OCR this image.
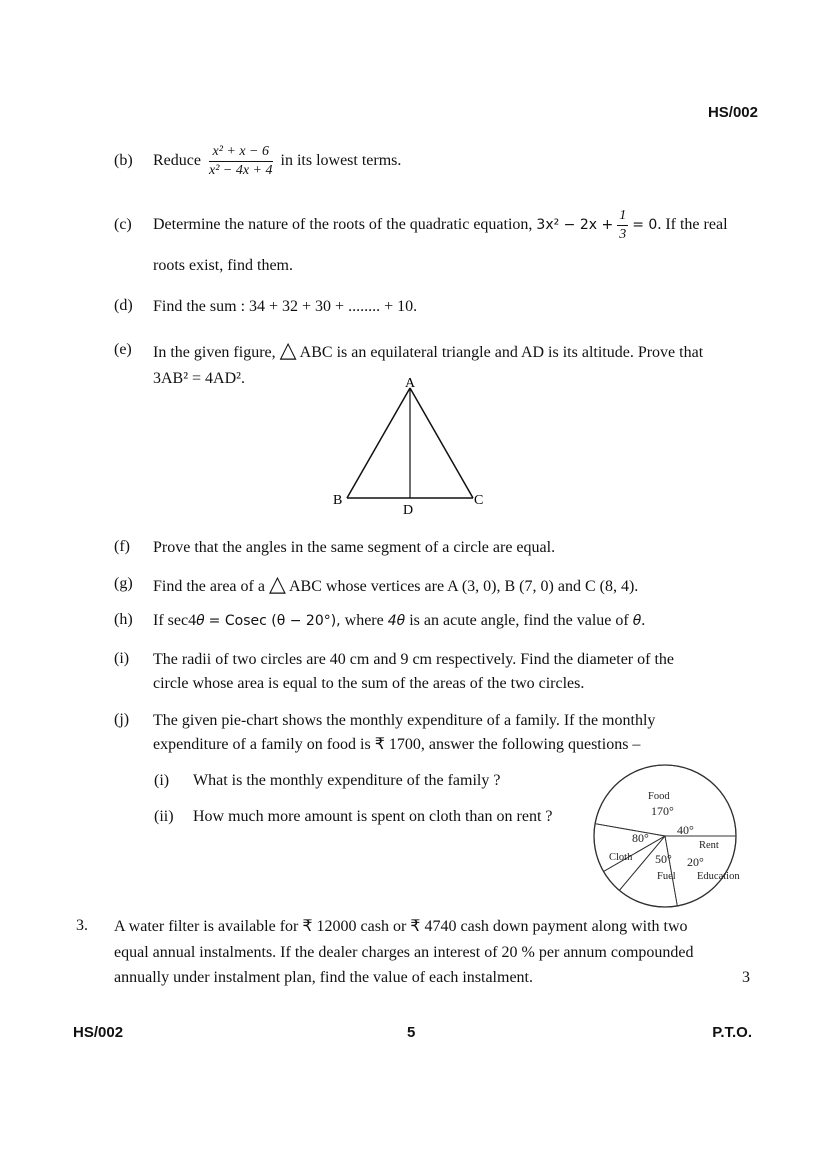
HS/002
(b) Reduce $\frac{\text{x² + x − 6}}{\text{x² − 4x + 4}}$ in its lowest terms.
(c) Determine the nature of the roots of the quadratic equation, $3x^2 - 2x + \frac{1}{3} = 0$. If the real
roots exist, find them.
(d) Find the sum : 34 + 32 + 30 + ........ + 10.
(e) In the given figure, △ ABC is an equilateral triangle and AD is its altitude. Prove that
3AB² = 4AD².	A
B	C
D
(f) Prove that the angles in the same segment of a circle are equal.
(g) Find the area of a △ ABC whose vertices are A (3, 0), B (7, 0) and C (8, 4).
(h) If sec4θ = Cosec (θ − 20°), where 4θ is an acute angle, find the value of θ.
(i) The radii of two circles are 40 cm and 9 cm respectively. Find the diameter of the
circle whose area is equal to the sum of the areas of the two circles.
(j) The given pie-chart shows the monthly expenditure of a family. If the monthly
expenditure of a family on food is ₹ 1700, answer the following questions –
(i) What is the monthly expenditure of the family ?
(ii) How much more amount is spent on cloth than on rent ?
Food
170°
Rent
40°
Education
20°
Fuel
50°
Cloth
80°
3. A water filter is available for ₹ 12000 cash or ₹ 4740 cash down payment along with two
equal annual instalments. If the dealer charges an interest of 20 % per annum compounded
annually under instalment plan, find the value of each instalment.	3
HS/002	5	P.T.O.
